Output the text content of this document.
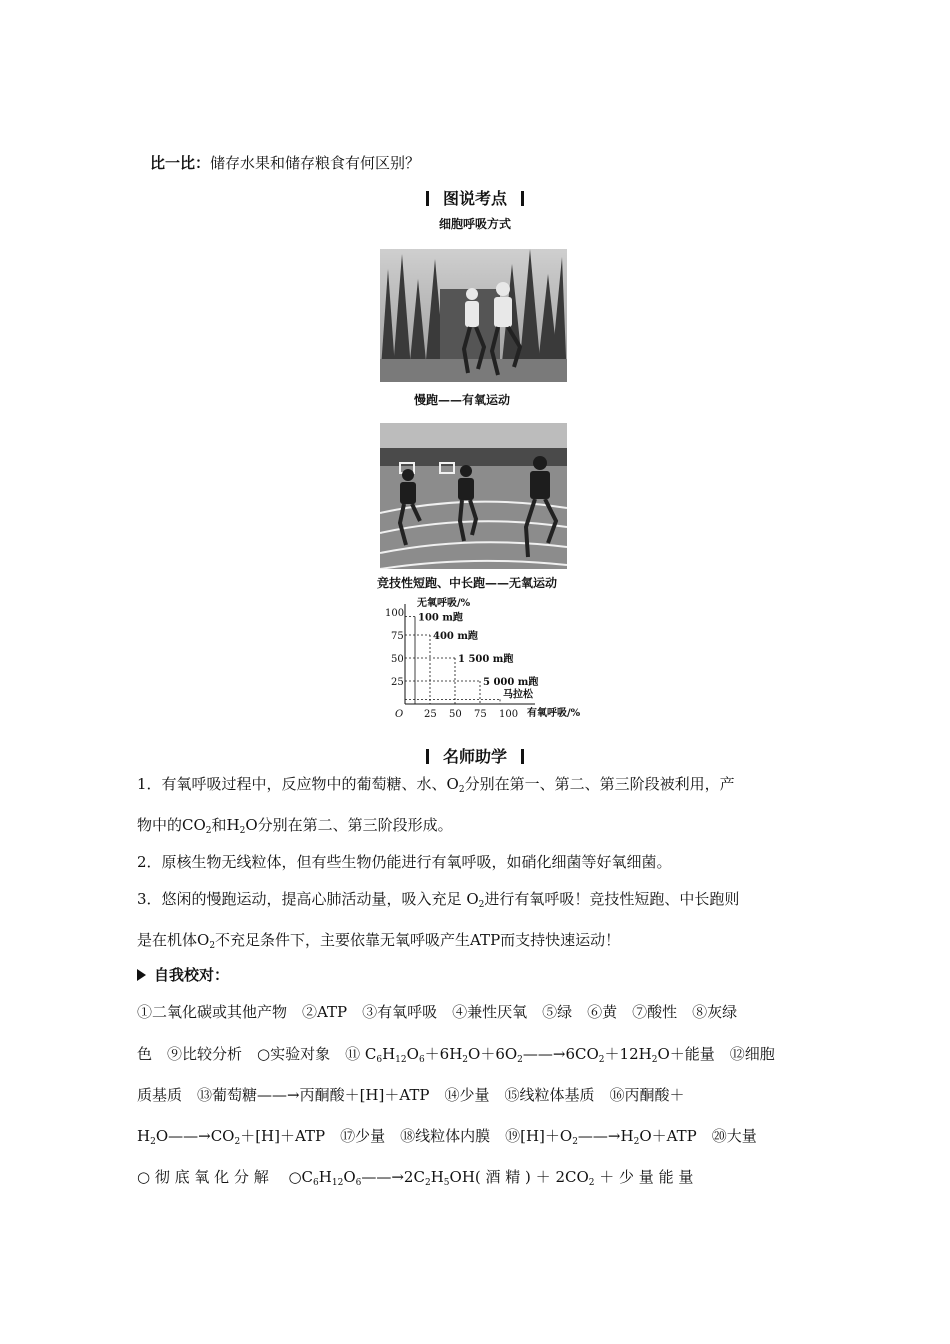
比一比：储存水果和储存粮食有何区别？
图说考点
细胞呼吸方式
慢跑——有氧运动
竞技性短跑、中长跑——无氧运动
O
无氧呼吸/%
有氧呼吸/%
25 50 75 100
25
50
75
100 100 m跑
400 m跑
1 500 m跑
5 000 m跑
马拉松
名师助学
1．有氧呼吸过程中，反应物中的葡萄糖、水、$O_2$分别在第一、第二、第三阶段被利用，产
物中的$CO_2$和$H_2O$分别在第二、第三阶段形成。
2．原核生物无线粒体，但有些生物仍能进行有氧呼吸，如硝化细菌等好氧细菌。
3．悠闲的慢跑运动，提高心肺活动量，吸入充足 $O_2$进行有氧呼吸！竞技性短跑、中长跑则
是在机体$O_2$不充足条件下，主要依靠无氧呼吸产生ATP而支持快速运动！
自我校对：
①二氧化碳或其他产物　②ATP　③有氧呼吸　④兼性厌氧　⑤绿　⑥黄　⑦酸性　⑧灰绿
色　⑨比较分析　○实验对象　⑪ $C_6H_{12}O_6+6H_2O+6O_2——\to 6CO_2+12H_2O+$能量　⑫细胞
质基质　⑬葡萄糖——→丙酮酸＋[H]＋ATP　⑭少量　⑮线粒体基质　⑯丙酮酸＋
$H_2O——\to CO_2+[H]+ATP$　⑰少量　⑱线粒体内膜　$⑲[H]+O_2——\to H_2O+ATP$　⑳大量
○ 彻 底 氧 化 分 解　 $○C_6H_{12}O_6——\to 2C_2H_5OH$( 酒 精 ) ＋ $2CO_2$ ＋ 少 量 能 量
